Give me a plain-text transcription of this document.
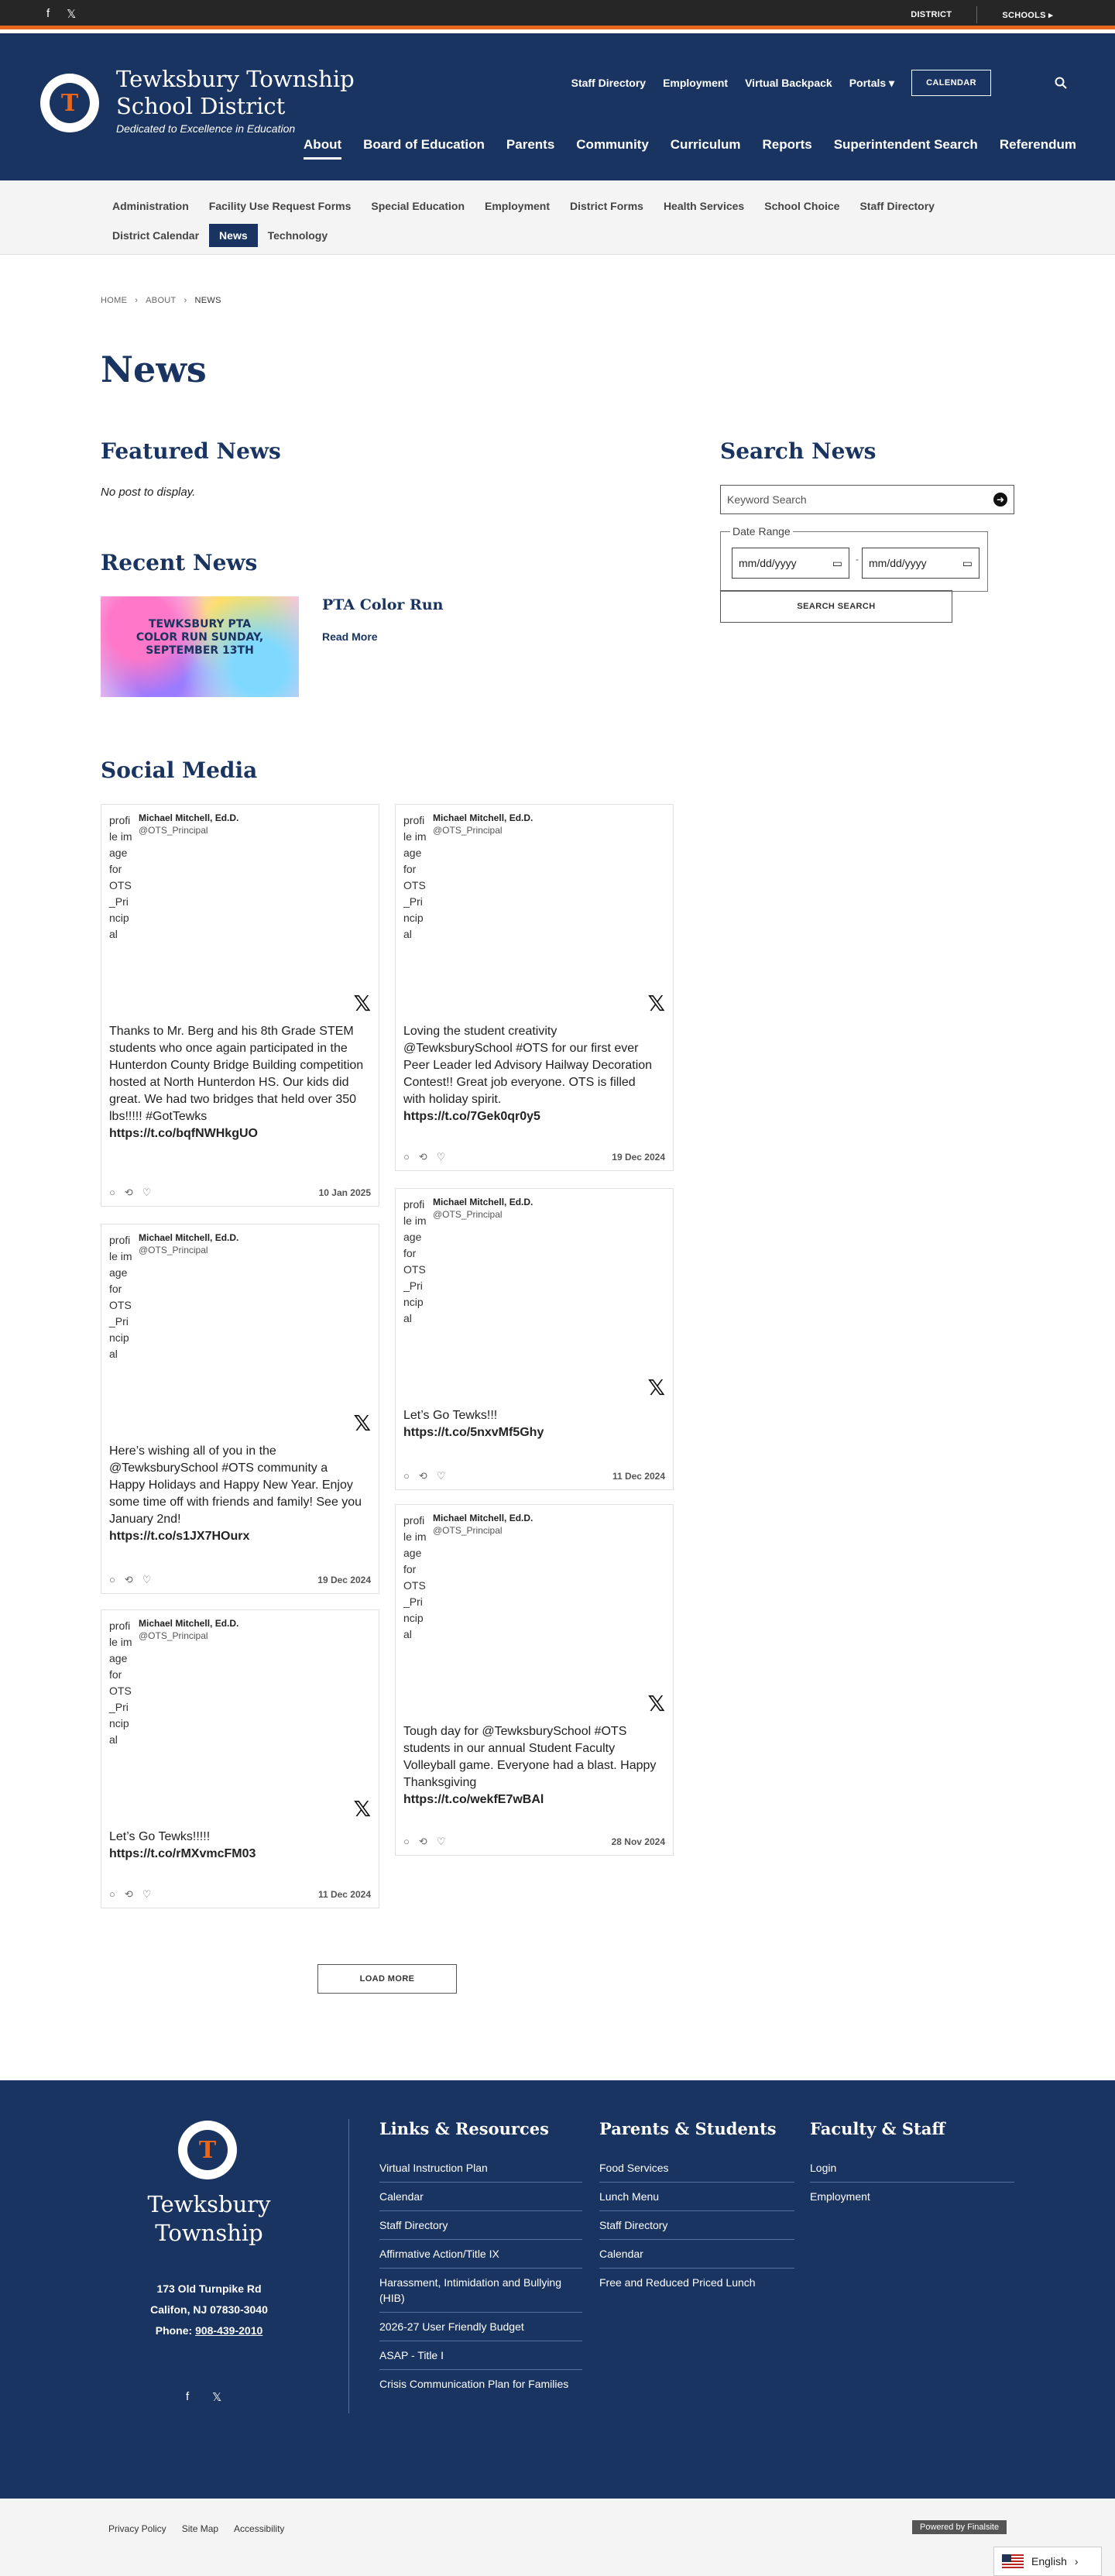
f 𝕏	DISTRICT	SCHOOLS ▸
T
Tewksbury Township
School District
Dedicated to Excellence in Education
Staff Directory Employment Virtual Backpack Portals ▾	CALENDAR
About Board of Education Parents Community Curriculum Reports Superintendent Search Referendum
Administration	Facility Use Request Forms	Special Education	Employment	District Forms	Health Services	School Choice	Staff Directory
District Calendar	News	Technology
HOME › ABOUT › NEWS
News
Featured News
No post to display.
Recent News
TEWKSBURY PTA COLOR RUN SUNDAY, SEPTEMBER 13TH
PTA Color Run
Read More
Search News
Keyword Search	➜
Date Range
mm/dd/yyyy	▭ - mm/dd/yyyy	▭
SEARCH SEARCH
Social Media
profile image for OTS_Principal
Michael Mitchell, Ed.D.
@OTS_Principal
𝕏
Thanks to Mr. Berg and his 8th Grade STEM students who once again participated in the Hunterdon County Bridge Building competition hosted at North Hunterdon HS. Our kids did great. We had two bridges that held over 350 lbs!!!!! #GotTewks
https://t.co/bqfNWHkgUO
○ ⟲ ♡	10 Jan 2025
profile image for OTS_Principal
Michael Mitchell, Ed.D.
@OTS_Principal
𝕏
Loving the student creativity @TewksburySchool #OTS for our first ever Peer Leader led Advisory Hailway Decoration Contest!! Great job everyone. OTS is filled with holiday spirit.
https://t.co/7Gek0qr0y5
○ ⟲ ♡	19 Dec 2024
profile image for OTS_Principal
Michael Mitchell, Ed.D.
@OTS_Principal
𝕏
Here’s wishing all of you in the @TewksburySchool #OTS community a Happy Holidays and Happy New Year. Enjoy some time off with friends and family! See you January 2nd!
https://t.co/s1JX7HOurx
○ ⟲ ♡	19 Dec 2024
profile image for OTS_Principal
Michael Mitchell, Ed.D.
@OTS_Principal
𝕏
Let’s Go Tewks!!!
https://t.co/5nxvMf5Ghy
○ ⟲ ♡	11 Dec 2024
profile image for OTS_Principal
Michael Mitchell, Ed.D.
@OTS_Principal
𝕏
Let’s Go Tewks!!!!!
https://t.co/rMXvmcFM03
○ ⟲ ♡	11 Dec 2024
profile image for OTS_Principal
Michael Mitchell, Ed.D.
@OTS_Principal
𝕏
Tough day for @TewksburySchool #OTS students in our annual Student Faculty Volleyball game. Everyone had a blast. Happy Thanksgiving
https://t.co/wekfE7wBAl
○ ⟲ ♡	28 Nov 2024
LOAD MORE
T
Tewksbury
Township
173 Old Turnpike Rd
Califon, NJ 07830-3040
Phone: 908-439-2010
f 𝕏
Links & Resources
Virtual Instruction Plan
Calendar
Staff Directory
Affirmative Action/Title IX
Harassment, Intimidation and Bullying (HIB)
2026-27 User Friendly Budget
ASAP - Title I
Crisis Communication Plan for Families
Parents & Students
Food Services
Lunch Menu
Staff Directory
Calendar
Free and Reduced Priced Lunch
Faculty & Staff
Login
Employment
Privacy Policy Site Map Accessibility	Powered by Finalsite
English ›
